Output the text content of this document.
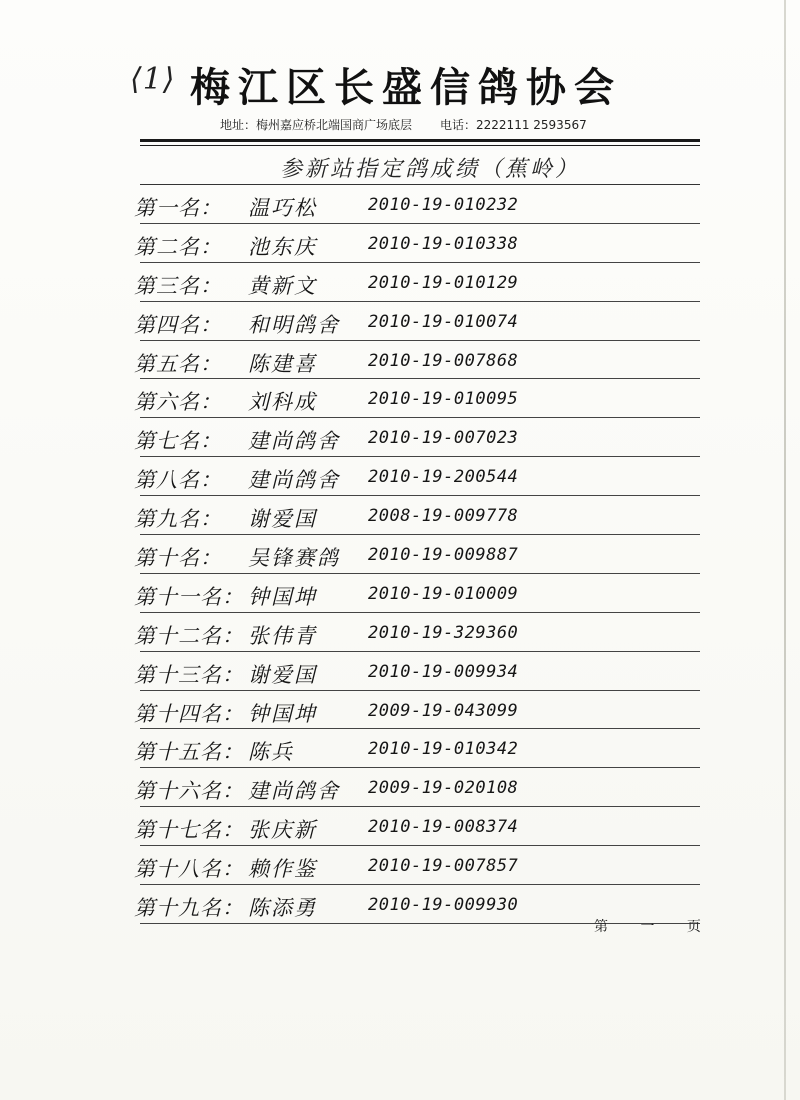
⟨1⟩ 梅江区长盛信鸽协会
地址：梅州嘉应桥北端国商广场底层 电话：2222111 2593567
参新站指定鸽成绩（蕉岭）
第一名： 温巧松	2010-19-010232
第二名： 池东庆	2010-19-010338
第三名： 黄新文	2010-19-010129
第四名： 和明鸽舍 2010-19-010074
第五名： 陈建喜	2010-19-007868
第六名： 刘科成	2010-19-010095
第七名： 建尚鸽舍 2010-19-007023
第八名： 建尚鸽舍 2010-19-200544
第九名： 谢爱国	2008-19-009778
第十名： 吴锋赛鸽 2010-19-009887
第十一名： 钟国坤	2010-19-010009
第十二名： 张伟青	2010-19-329360
第十三名： 谢爱国	2010-19-009934
第十四名： 钟国坤	2009-19-043099
第十五名： 陈兵	2010-19-010342
第十六名： 建尚鸽舍 2009-19-020108
第十七名： 张庆新	2010-19-008374
第十八名： 赖作鉴	2010-19-007857
第十九名： 陈添勇	2010-19-009930
第 一 页
